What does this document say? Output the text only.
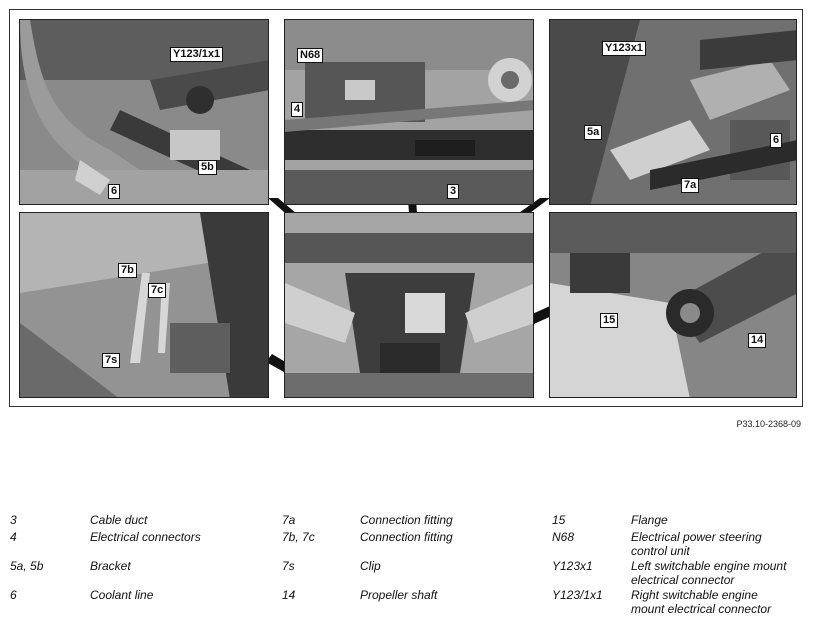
Y123/1x1
5b
6
N68
4
3
Y123x1
5a
6
7a
7b
7c
7s
15
14
P33.10-2368-09
3	Cable duct
4	Electrical connectors
5a, 5b	Bracket
6	Coolant line
7a	Connection fitting
7b, 7c	Connection fitting
7s	Clip
14	Propeller shaft
15	Flange
N68	Electrical power steering control unit
Y123x1	Left switchable engine mount electrical connector
Y123/1x1 Right switchable engine mount electrical connector
